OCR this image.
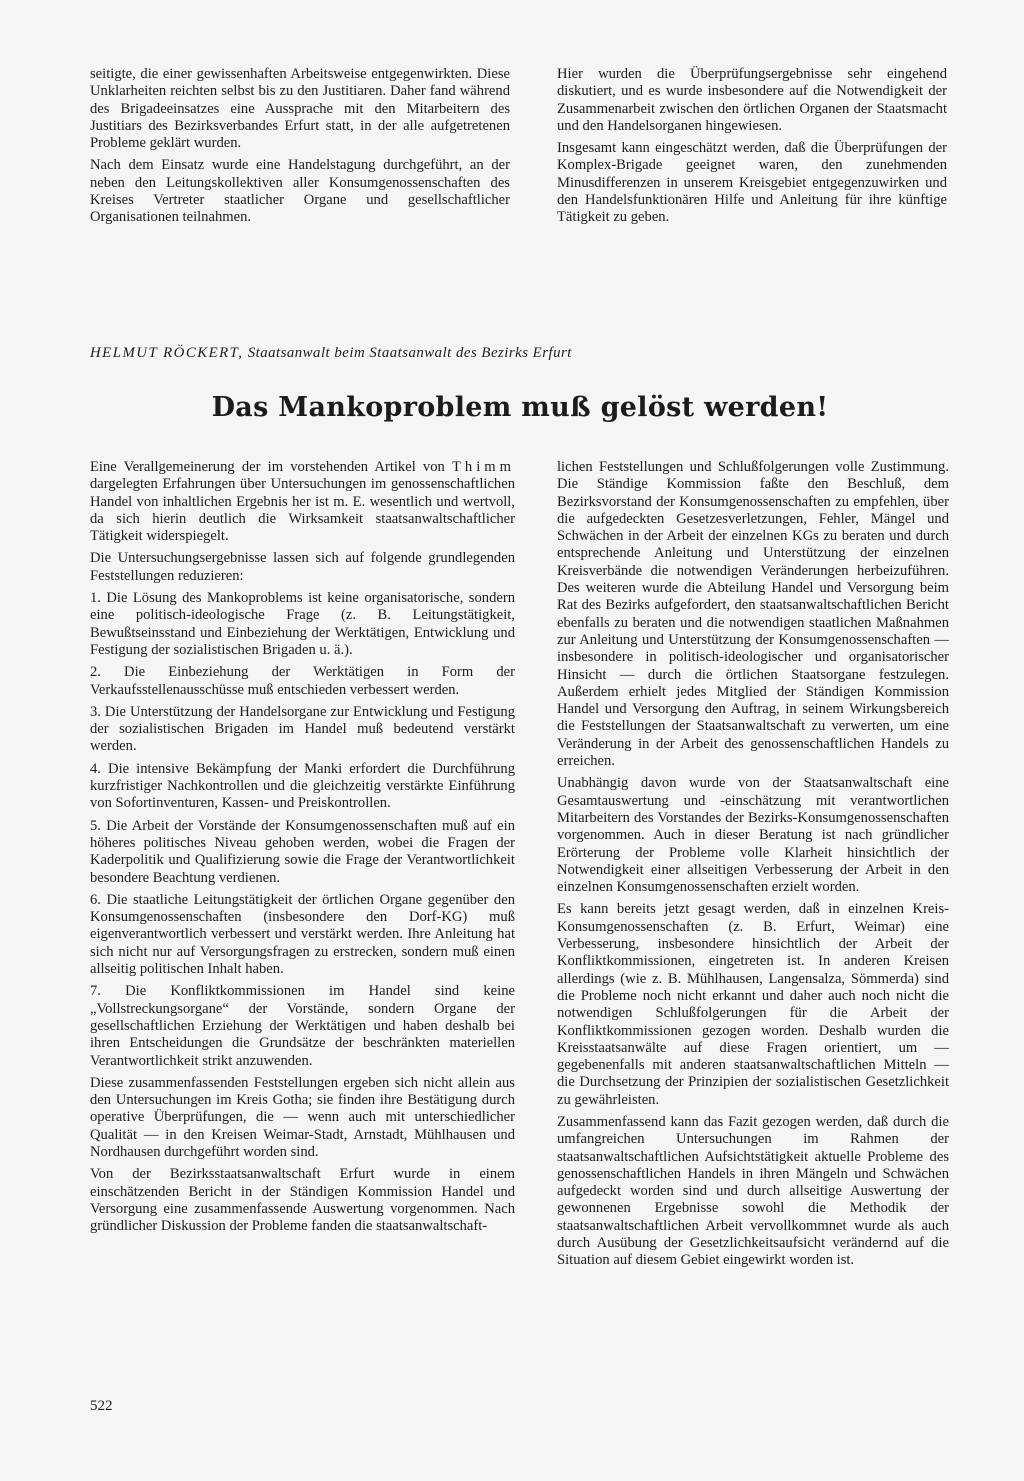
seitigte, die einer gewissenhaften Arbeitsweise entgegenwirkten. Diese Unklarheiten reichten selbst bis zu den Justitiaren. Daher fand während des Brigadeeinsatzes eine Aussprache mit den Mitarbeitern des Justitiars des Bezirksverbandes Erfurt statt, in der alle aufgetretenen Probleme geklärt wurden.

Nach dem Einsatz wurde eine Handelstagung durchgeführt, an der neben den Leitungskollektiven aller Konsumgenossenschaften des Kreises Vertreter staatlicher Organe und gesellschaftlicher Organisationen teilnahmen.

Hier wurden die Überprüfungsergebnisse sehr eingehend diskutiert, und es wurde insbesondere auf die Notwendigkeit der Zusammenarbeit zwischen den örtlichen Organen der Staatsmacht und den Handelsorganen hingewiesen.

Insgesamt kann eingeschätzt werden, daß die Überprüfungen der Komplex-Brigade geeignet waren, den zunehmenden Minusdifferenzen in unserem Kreisgebiet entgegenzuwirken und den Handelsfunktionären Hilfe und Anleitung für ihre künftige Tätigkeit zu geben.

HELMUT RÖCKERT, Staatsanwalt beim Staatsanwalt des Bezirks Erfurt
Das Mankoproblem muß gelöst werden!

Eine Verallgemeinerung der im vorstehenden Artikel von Thimm dargelegten Erfahrungen über Untersuchungen im genossenschaftlichen Handel von inhaltlichen Ergebnis her ist m. E. wesentlich und wertvoll, da sich hierin deutlich die Wirksamkeit staatsanwaltschaftlicher Tätigkeit widerspiegelt.

Die Untersuchungsergebnisse lassen sich auf folgende grundlegenden Feststellungen reduzieren:

1. Die Lösung des Mankoproblems ist keine organisatorische, sondern eine politisch-ideologische Frage (z. B. Leitungstätigkeit, Bewußtseinsstand und Einbeziehung der Werktätigen, Entwicklung und Festigung der sozialistischen Brigaden u. ä.).

2. Die Einbeziehung der Werktätigen in Form der Verkaufsstellenausschüsse muß entschieden verbessert werden.

3. Die Unterstützung der Handelsorgane zur Entwicklung und Festigung der sozialistischen Brigaden im Handel muß bedeutend verstärkt werden.

4. Die intensive Bekämpfung der Manki erfordert die Durchführung kurzfristiger Nachkontrollen und die gleichzeitig verstärkte Einführung von Sofortinventuren, Kassen- und Preiskontrollen.

5. Die Arbeit der Vorstände der Konsumgenossenschaften muß auf ein höheres politisches Niveau gehoben werden, wobei die Fragen der Kaderpolitik und Qualifizierung sowie die Frage der Verantwortlichkeit besondere Beachtung verdienen.

6. Die staatliche Leitungstätigkeit der örtlichen Organe gegenüber den Konsumgenossenschaften (insbesondere den Dorf-KG) muß eigenverantwortlich verbessert und verstärkt werden. Ihre Anleitung hat sich nicht nur auf Versorgungsfragen zu erstrecken, sondern muß einen allseitig politischen Inhalt haben.

7. Die Konfliktkommissionen im Handel sind keine „Vollstreckungsorgane“ der Vorstände, sondern Organe der gesellschaftlichen Erziehung der Werktätigen und haben deshalb bei ihren Entscheidungen die Grundsätze der beschränkten materiellen Verantwortlichkeit strikt anzuwenden.

Diese zusammenfassenden Feststellungen ergeben sich nicht allein aus den Untersuchungen im Kreis Gotha; sie finden ihre Bestätigung durch operative Überprüfungen, die — wenn auch mit unterschiedlicher Qualität — in den Kreisen Weimar-Stadt, Arnstadt, Mühlhausen und Nordhausen durchgeführt worden sind.

Von der Bezirksstaatsanwaltschaft Erfurt wurde in einem einschätzenden Bericht in der Ständigen Kommission Handel und Versorgung eine zusammenfassende Auswertung vorgenommen. Nach gründlicher Diskussion der Probleme fanden die staatsanwaltschaft-

lichen Feststellungen und Schlußfolgerungen volle Zustimmung. Die Ständige Kommission faßte den Beschluß, dem Bezirksvorstand der Konsumgenossenschaften zu empfehlen, über die aufgedeckten Gesetzesverletzungen, Fehler, Mängel und Schwächen in der Arbeit der einzelnen KGs zu beraten und durch entsprechende Anleitung und Unterstützung der einzelnen Kreisverbände die notwendigen Veränderungen herbeizuführen. Des weiteren wurde die Abteilung Handel und Versorgung beim Rat des Bezirks aufgefordert, den staatsanwaltschaftlichen Bericht ebenfalls zu beraten und die notwendigen staatlichen Maßnahmen zur Anleitung und Unterstützung der Konsumgenossenschaften — insbesondere in politisch-ideologischer und organisatorischer Hinsicht — durch die örtlichen Staatsorgane festzulegen. Außerdem erhielt jedes Mitglied der Ständigen Kommission Handel und Versorgung den Auftrag, in seinem Wirkungsbereich die Feststellungen der Staatsanwaltschaft zu verwerten, um eine Veränderung in der Arbeit des genossenschaftlichen Handels zu erreichen.

Unabhängig davon wurde von der Staatsanwaltschaft eine Gesamtauswertung und -einschätzung mit verantwortlichen Mitarbeitern des Vorstandes der Bezirks-Konsumgenossenschaften vorgenommen. Auch in dieser Beratung ist nach gründlicher Erörterung der Probleme volle Klarheit hinsichtlich der Notwendigkeit einer allseitigen Verbesserung der Arbeit in den einzelnen Konsumgenossenschaften erzielt worden.

Es kann bereits jetzt gesagt werden, daß in einzelnen Kreis-Konsumgenossenschaften (z. B. Erfurt, Weimar) eine Verbesserung, insbesondere hinsichtlich der Arbeit der Konfliktkommissionen, eingetreten ist. In anderen Kreisen allerdings (wie z. B. Mühlhausen, Langensalza, Sömmerda) sind die Probleme noch nicht erkannt und daher auch noch nicht die notwendigen Schlußfolgerungen für die Arbeit der Konfliktkommissionen gezogen worden. Deshalb wurden die Kreisstaatsanwälte auf diese Fragen orientiert, um — gegebenenfalls mit anderen staatsanwaltschaftlichen Mitteln — die Durchsetzung der Prinzipien der sozialistischen Gesetzlichkeit zu gewährleisten.

Zusammenfassend kann das Fazit gezogen werden, daß durch die umfangreichen Untersuchungen im Rahmen der staatsanwaltschaftlichen Aufsichtstätigkeit aktuelle Probleme des genossenschaftlichen Handels in ihren Mängeln und Schwächen aufgedeckt worden sind und durch allseitige Auswertung der gewonnenen Ergebnisse sowohl die Methodik der staatsanwaltschaftlichen Arbeit vervollkommnet wurde als auch durch Ausübung der Gesetzlichkeitsaufsicht verändernd auf die Situation auf diesem Gebiet eingewirkt worden ist.

522
